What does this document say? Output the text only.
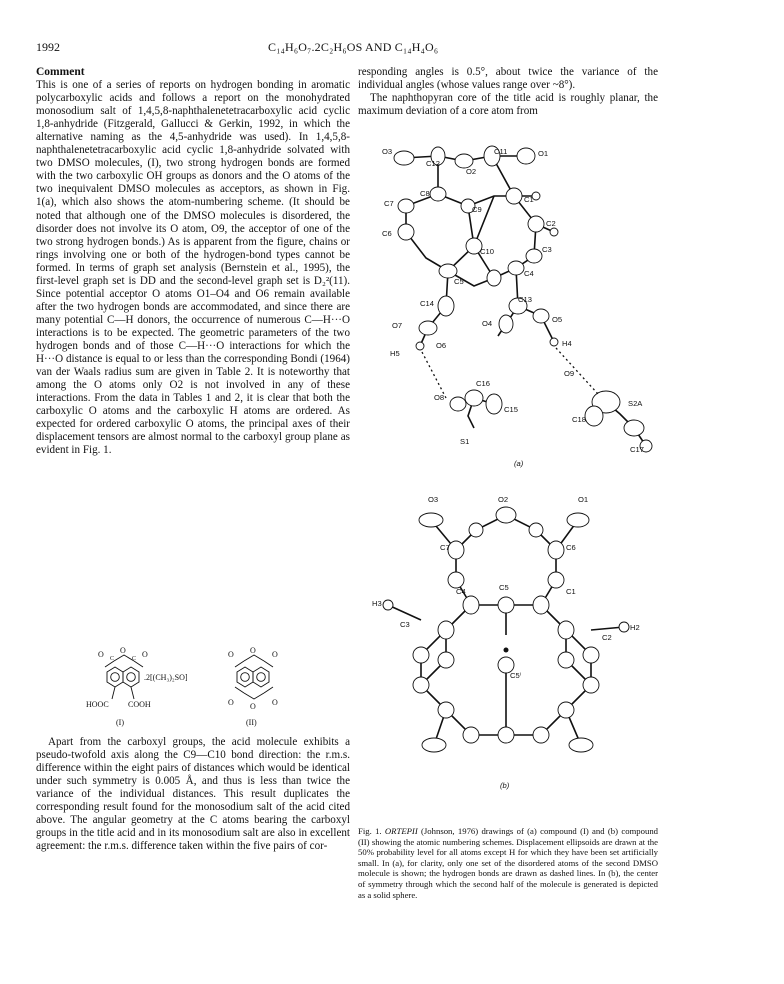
1992	C₁₄H₆O₇.2C₂H₆OS AND C₁₄H₄O₆

Comment

This is one of a series of reports on hydrogen bonding in aromatic polycarboxylic acids and follows a report on the monohydrated monosodium salt of 1,4,5,8-naphthalenetetracarboxylic acid cyclic 1,8-anhydride (Fitzgerald, Gallucci & Gerkin, 1992, in which the alternative naming as the 4,5-anhydride was used). In 1,4,5,8-naphthalenetetracarboxylic acid cyclic 1,8-anhydride solvated with two DMSO molecules, (I), two strong hydrogen bonds are formed with the two carboxylic OH groups as donors and the O atoms of the two inequivalent DMSO molecules as acceptors, as shown in Fig. 1(a), which also shows the atom-numbering scheme. (It should be noted that although one of the DMSO molecules is disordered, the disorder does not involve its O atom, O9, the acceptor of one of the two strong hydrogen bonds.) As is apparent from the figure, chains or rings involving one or both of the hydrogen-bond types cannot be formed. In terms of graph set analysis (Bernstein et al., 1995), the first-level graph set is DD and the second-level graph set is D₂²(11). Since potential acceptor O atoms O1–O4 and O6 remain available after the two hydrogen bonds are accommodated, and since there are many potential C—H donors, the occurrence of numerous C—H···O interactions is to be expected. The geometric parameters of the two hydrogen bonds and of those C—H···O interactions for which the H···O distance is equal to or less than the corresponding Bondi (1964) van der Waals radius sum are given in Table 2. It is noteworthy that among the O atoms only O2 is not involved in any of these interactions. From the data in Tables 1 and 2, it is clear that both the carboxylic O atoms and the carboxylic H atoms are ordered. As expected for ordered carboxylic O atoms, the principal axes of their displacement tensors are almost normal to the carboxyl group plane as evident in Fig. 1.

O O O
C	C	O O O
O O O
.2[(CH₃)₂SO]
HOOC COOH
(I)	(II)

Apart from the carboxyl groups, the acid molecule exhibits a pseudo-twofold axis along the C9—C10 bond direction: the r.m.s. difference within the eight pairs of distances which would be identical under such symmetry is 0.005 Å, and thus is less than twice the variance of the individual distances. This result duplicates the corresponding result found for the monosodium salt of the acid cited above. The angular geometry at the C atoms bearing the carboxyl groups in the title acid and in its monosodium salt are also in excellent agreement: the r.m.s. difference taken within the five pairs of cor-

responding angles is 0.5°, about twice the variance of the individual angles (whose values range over ~8°).

The naphthopyran core of the title acid is roughly planar, the maximum deviation of a core atom from

O3
C12
O2
C11	O1
C8
C1
C9
C2
C7
C10	C3
C6
C5
C4
C14	C13
O7	O4	O5
O6	H4
H5
O9
O8
C16
C15
S2A
C18
C17
S1
(a)
O3	O2	O1
C7	C6
C4	C1
H3
C5
H2
C3
C2
C5ⁱ
(b)
Fig. 1. ORTEPII (Johnson, 1976) drawings of (a) compound (I) and (b) compound (II) showing the atomic numbering schemes. Displacement ellipsoids are drawn at the 50% probability level for all atoms except H for which they have been set artificially small. In (a), for clarity, only one set of the disordered atoms of the second DMSO molecule is shown; the hydrogen bonds are drawn as dashed lines. In (b), the center of symmetry through which the second half of the molecule is generated is depicted as a solid sphere.
